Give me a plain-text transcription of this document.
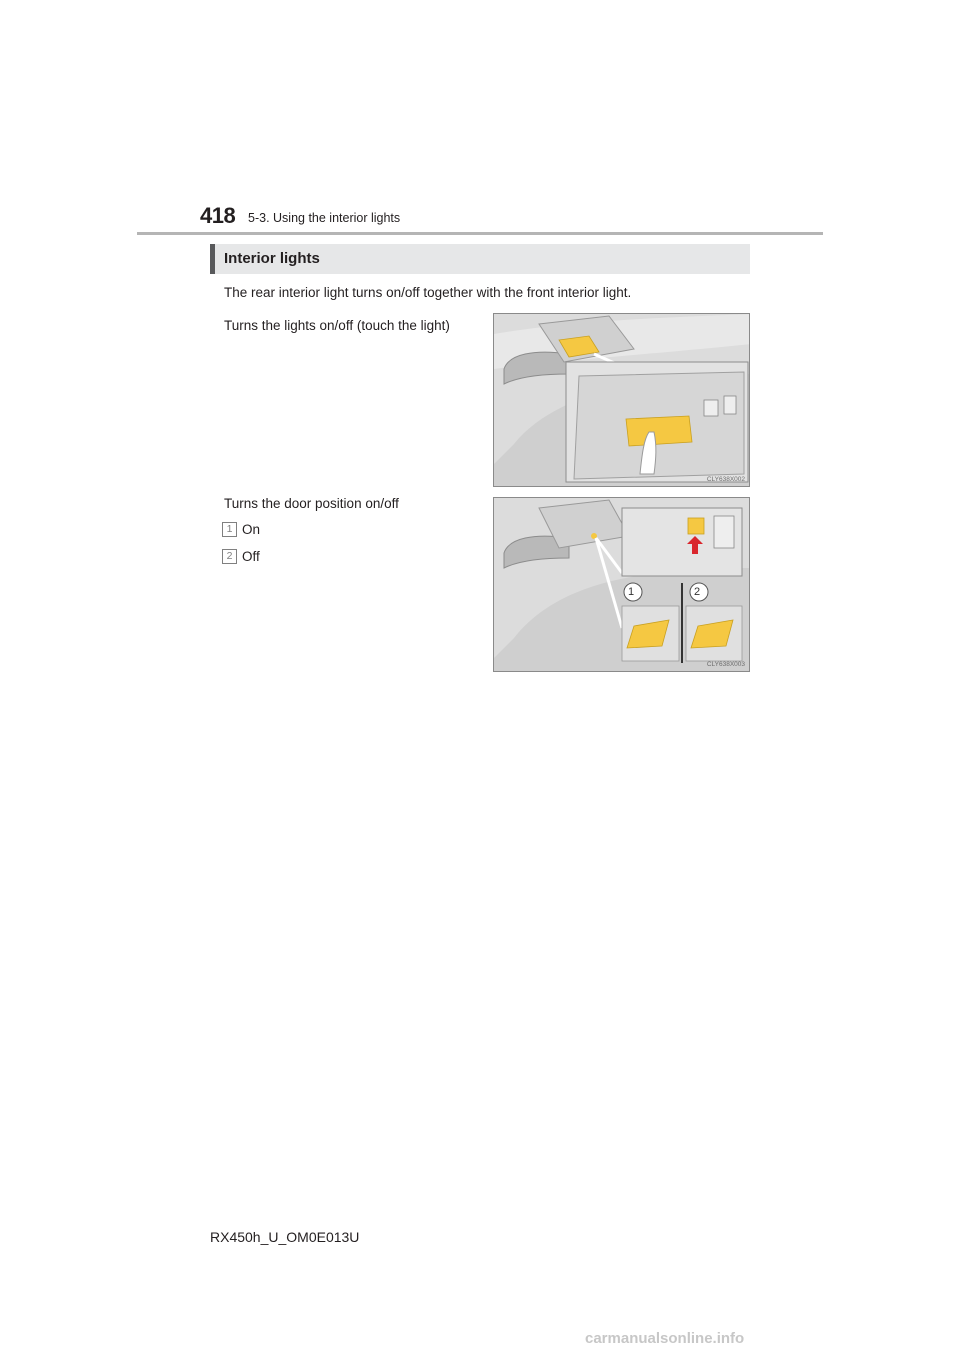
418 5-3. Using the interior lights
Interior lights
The rear interior light turns on/off together with the front interior light.
Turns the lights on/off (touch the light)
Turns the door position on/off
1 On
2 Off
CLY638X002
1	2
CLY638X003
RX450h_U_OM0E013U
carmanualsonline.info
